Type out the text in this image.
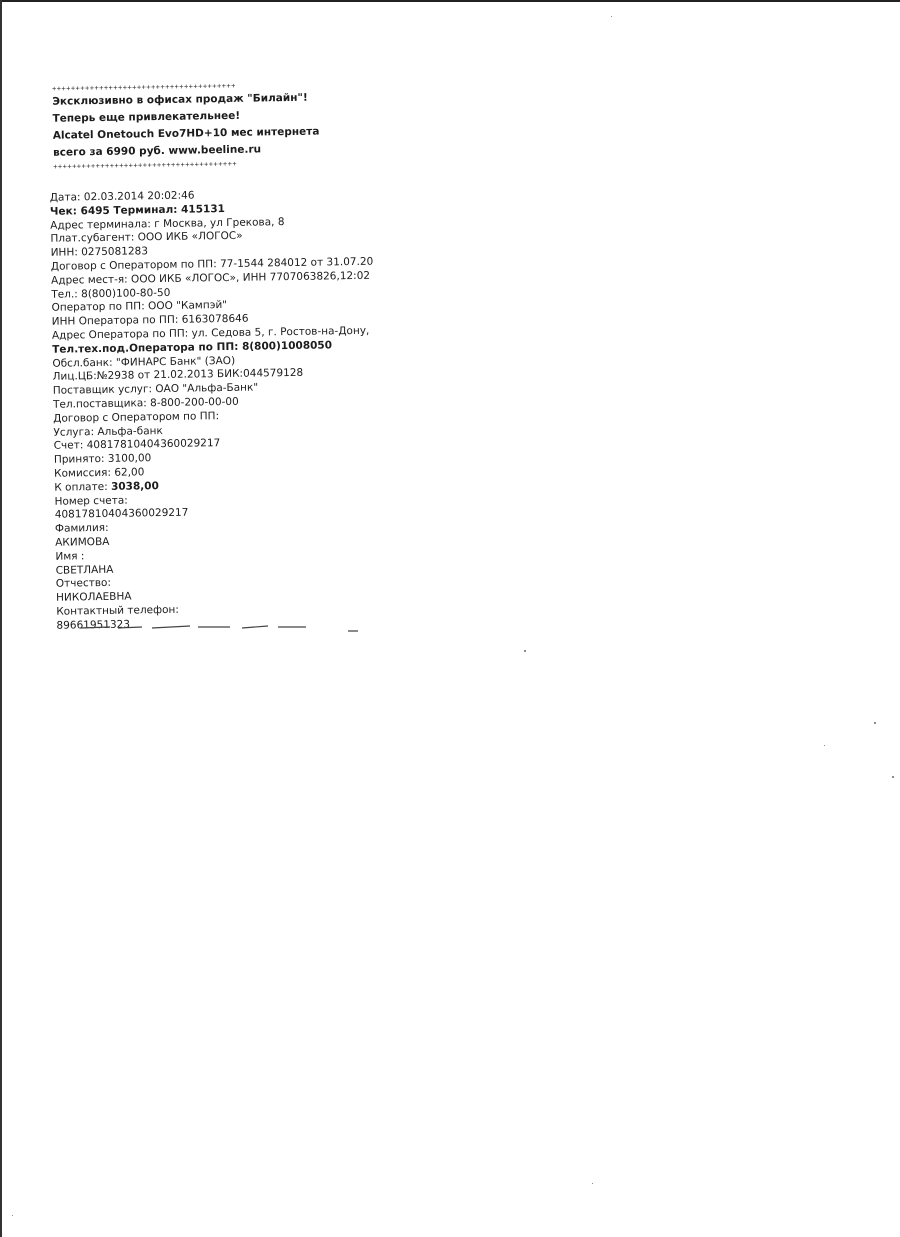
+++++++++++++++++++++++++++++++++++++++
Эксклюзивно в офисах продаж "Билайн"!
Теперь еще привлекательнее!
Alcatel Onetouch Evo7HD+10 мес интернета
всего за 6990 руб. www.beeline.ru
+++++++++++++++++++++++++++++++++++++++
Дата: 02.03.2014 20:02:46
Чек: 6495 Терминал: 415131
Адрес терминала: г Москва, ул Грекова, 8
Плат.субагент: ООО ИКБ «ЛОГОС»
ИНН: 0275081283
Договор с Оператором по ПП: 77-1544 284012 от 31.07.20
Адрес мест-я: ООО ИКБ «ЛОГОС», ИНН 7707063826,12:02
Тел.: 8(800)100-80-50
Оператор по ПП: ООО "Кампэй"
ИНН Оператора по ПП: 6163078646
Адрес Оператора по ПП: ул. Седова 5, г. Ростов-на-Дону,
Тел.тех.под.Оператора по ПП: 8(800)1008050
Обсл.банк: "ФИНАРС Банк" (ЗАО)
Лиц.ЦБ:№2938 от 21.02.2013 БИК:044579128
Поставщик услуг: ОАО "Альфа-Банк"
Тел.поставщика: 8-800-200-00-00
Договор с Оператором по ПП:
Услуга: Альфа-банк
Счет: 40817810404360029217
Принято: 3100,00
Комиссия: 62,00
К оплате: 3038,00
Номер счета:
40817810404360029217
Фамилия:
АКИМОВА
Имя :
СВЕТЛАНА
Отчество:
НИКОЛАЕВНА
Контактный телефон:
89661951323
